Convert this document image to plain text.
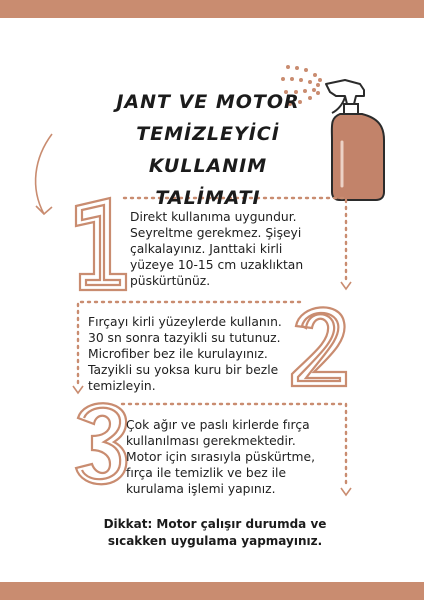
JANT VE MOTOR
TEMİZLEYİCİ
KULLANIM TALİMATI
Direkt kullanıma uygundur.
Seyreltme gerekmez. Şişeyi
çalkalayınız. Janttaki kirli
yüzeye 10-15 cm uzaklıktan
püskürtünüz.
Fırçayı kirli yüzeylerde kullanın.
30 sn sonra tazyikli su tutunuz.
Microfiber bez ile kurulayınız.
Tazyikli su yoksa kuru bir bezle
temizleyin.
Çok ağır ve paslı kirlerde fırça
kullanılması gerekmektedir.
Motor için sırasıyla püskürtme,
fırça ile temizlik ve bez ile
kurulama işlemi yapınız.
Dikkat: Motor çalışır durumda ve
sıcakken uygulama yapmayınız.
